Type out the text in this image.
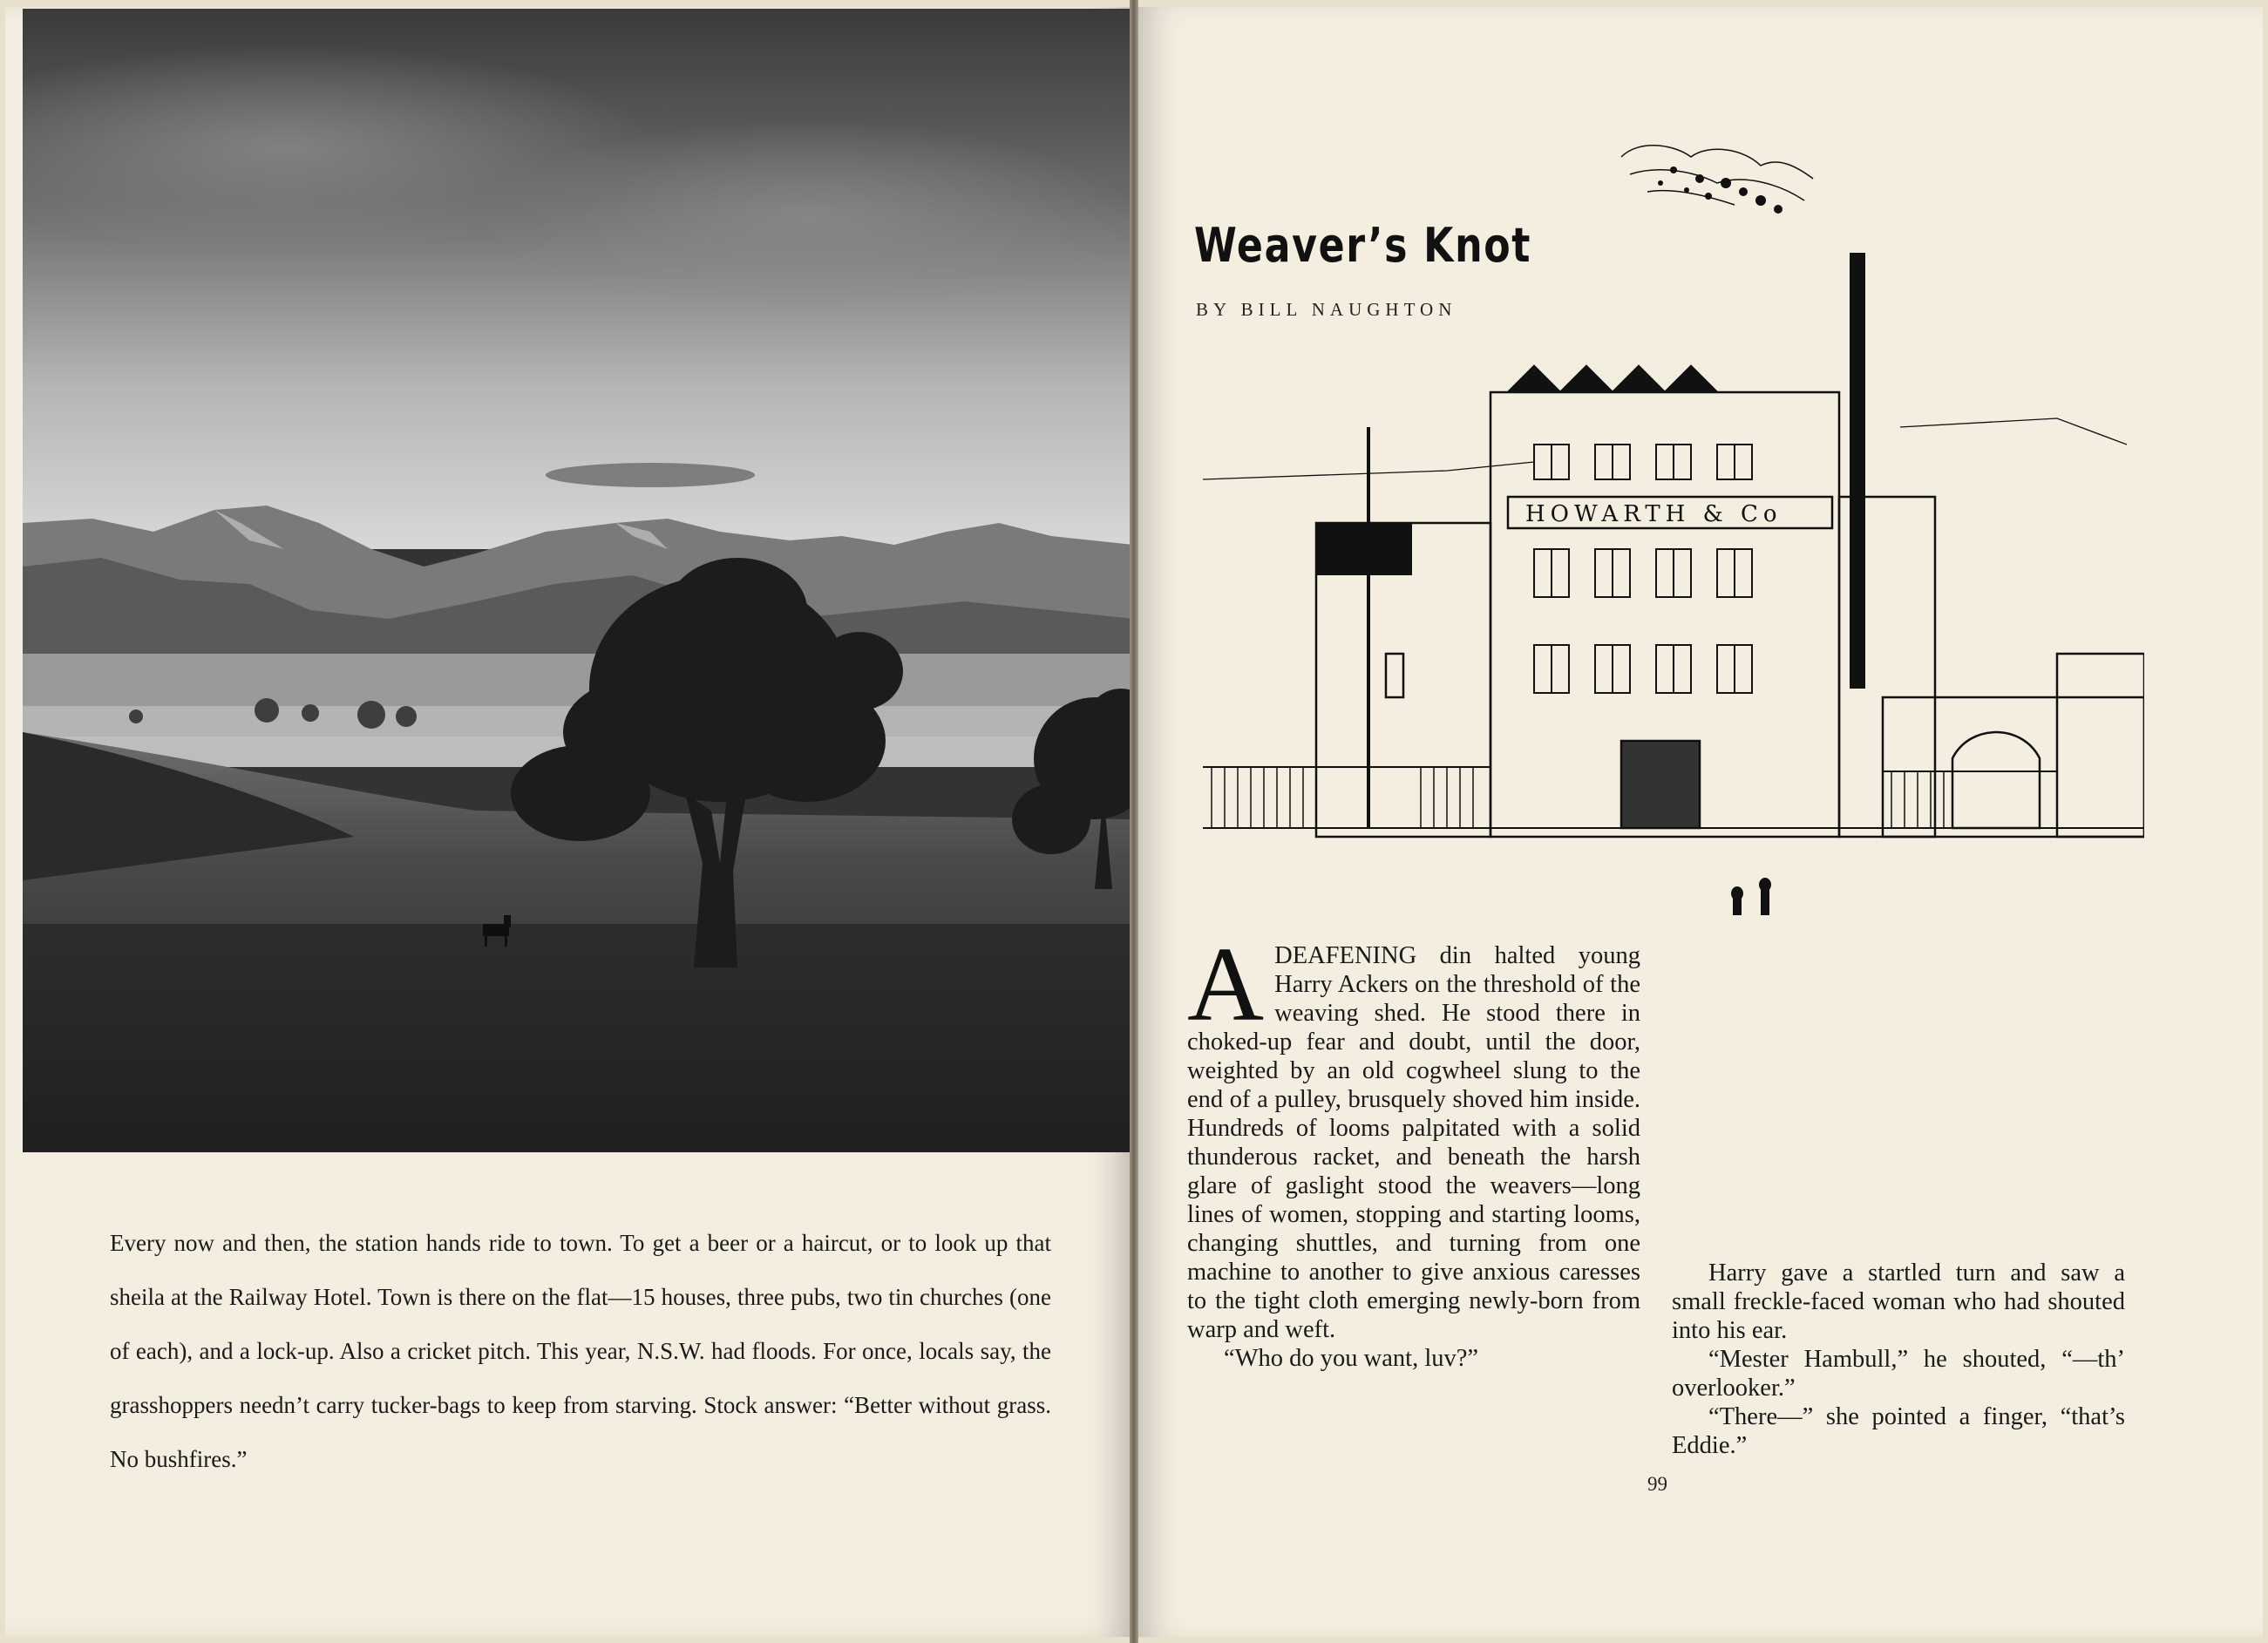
Every now and then, the station hands ride to town. To get a beer or a haircut, or to look up that sheila at the Railway Hotel. Town is there on the flat—15 houses, three pubs, two tin churches (one of each), and a lock-up. Also a cricket pitch. This year, N.S.W. had floods. For once, locals say, the grasshoppers needn’t carry tucker-bags to keep from starving. Stock answer: “Better without grass. No bushfires.”
HOWARTH & Co
Weaver’s Knot
BY BILL NAUGHTON

ADEAFENING din halted young Harry Ackers on the threshold of the weaving shed. He stood there in choked-up fear and doubt, until the door, weighted by an old cogwheel slung to the end of a pulley, brusquely shoved him inside. Hundreds of looms palpitated with a solid thunderous racket, and beneath the harsh glare of gaslight stood the weavers—long lines of women, stopping and starting looms, changing shuttles, and turning from one machine to another to give anxious caresses to the tight cloth emerging newly-born from warp and weft.

“Who do you want, luv?”

Harry gave a startled turn and saw a small freckle-faced woman who had shouted into his ear.

“Mester Hambull,” he shouted, “—th’ overlooker.”

“There—” she pointed a finger, “that’s Eddie.”

99
